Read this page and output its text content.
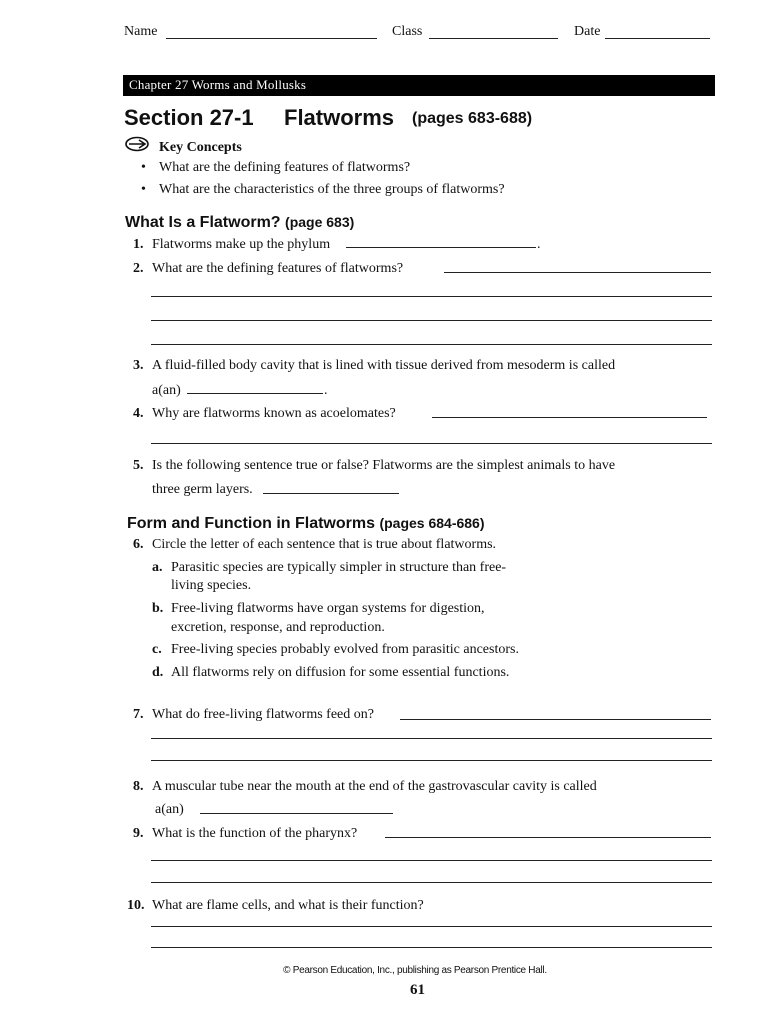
Name	Class	Date
Chapter 27 Worms and Mollusks
Section 27-1 Flatworms (pages 683-688)
Key Concepts
• What are the defining features of flatworms?
• What are the characteristics of the three groups of flatworms?
What Is a Flatworm? (page 683)
1. Flatworms make up the phylum	.
2. What are the defining features of flatworms?
3. A fluid-filled body cavity that is lined with tissue derived from mesoderm is called
a(an)	.
4. Why are flatworms known as acoelomates?
5. Is the following sentence true or false? Flatworms are the simplest animals to have
three germ layers.
Form and Function in Flatworms (pages 684-686)
6. Circle the letter of each sentence that is true about flatworms.
a. Parasitic species are typically simpler in structure than free-
living species.
b. Free-living flatworms have organ systems for digestion,
excretion, response, and reproduction.
c. Free-living species probably evolved from parasitic ancestors.
d. All flatworms rely on diffusion for some essential functions.
7. What do free-living flatworms feed on?
8. A muscular tube near the mouth at the end of the gastrovascular cavity is called
a(an)
9. What is the function of the pharynx?
10. What are flame cells, and what is their function?
© Pearson Education, Inc., publishing as Pearson Prentice Hall.
61
